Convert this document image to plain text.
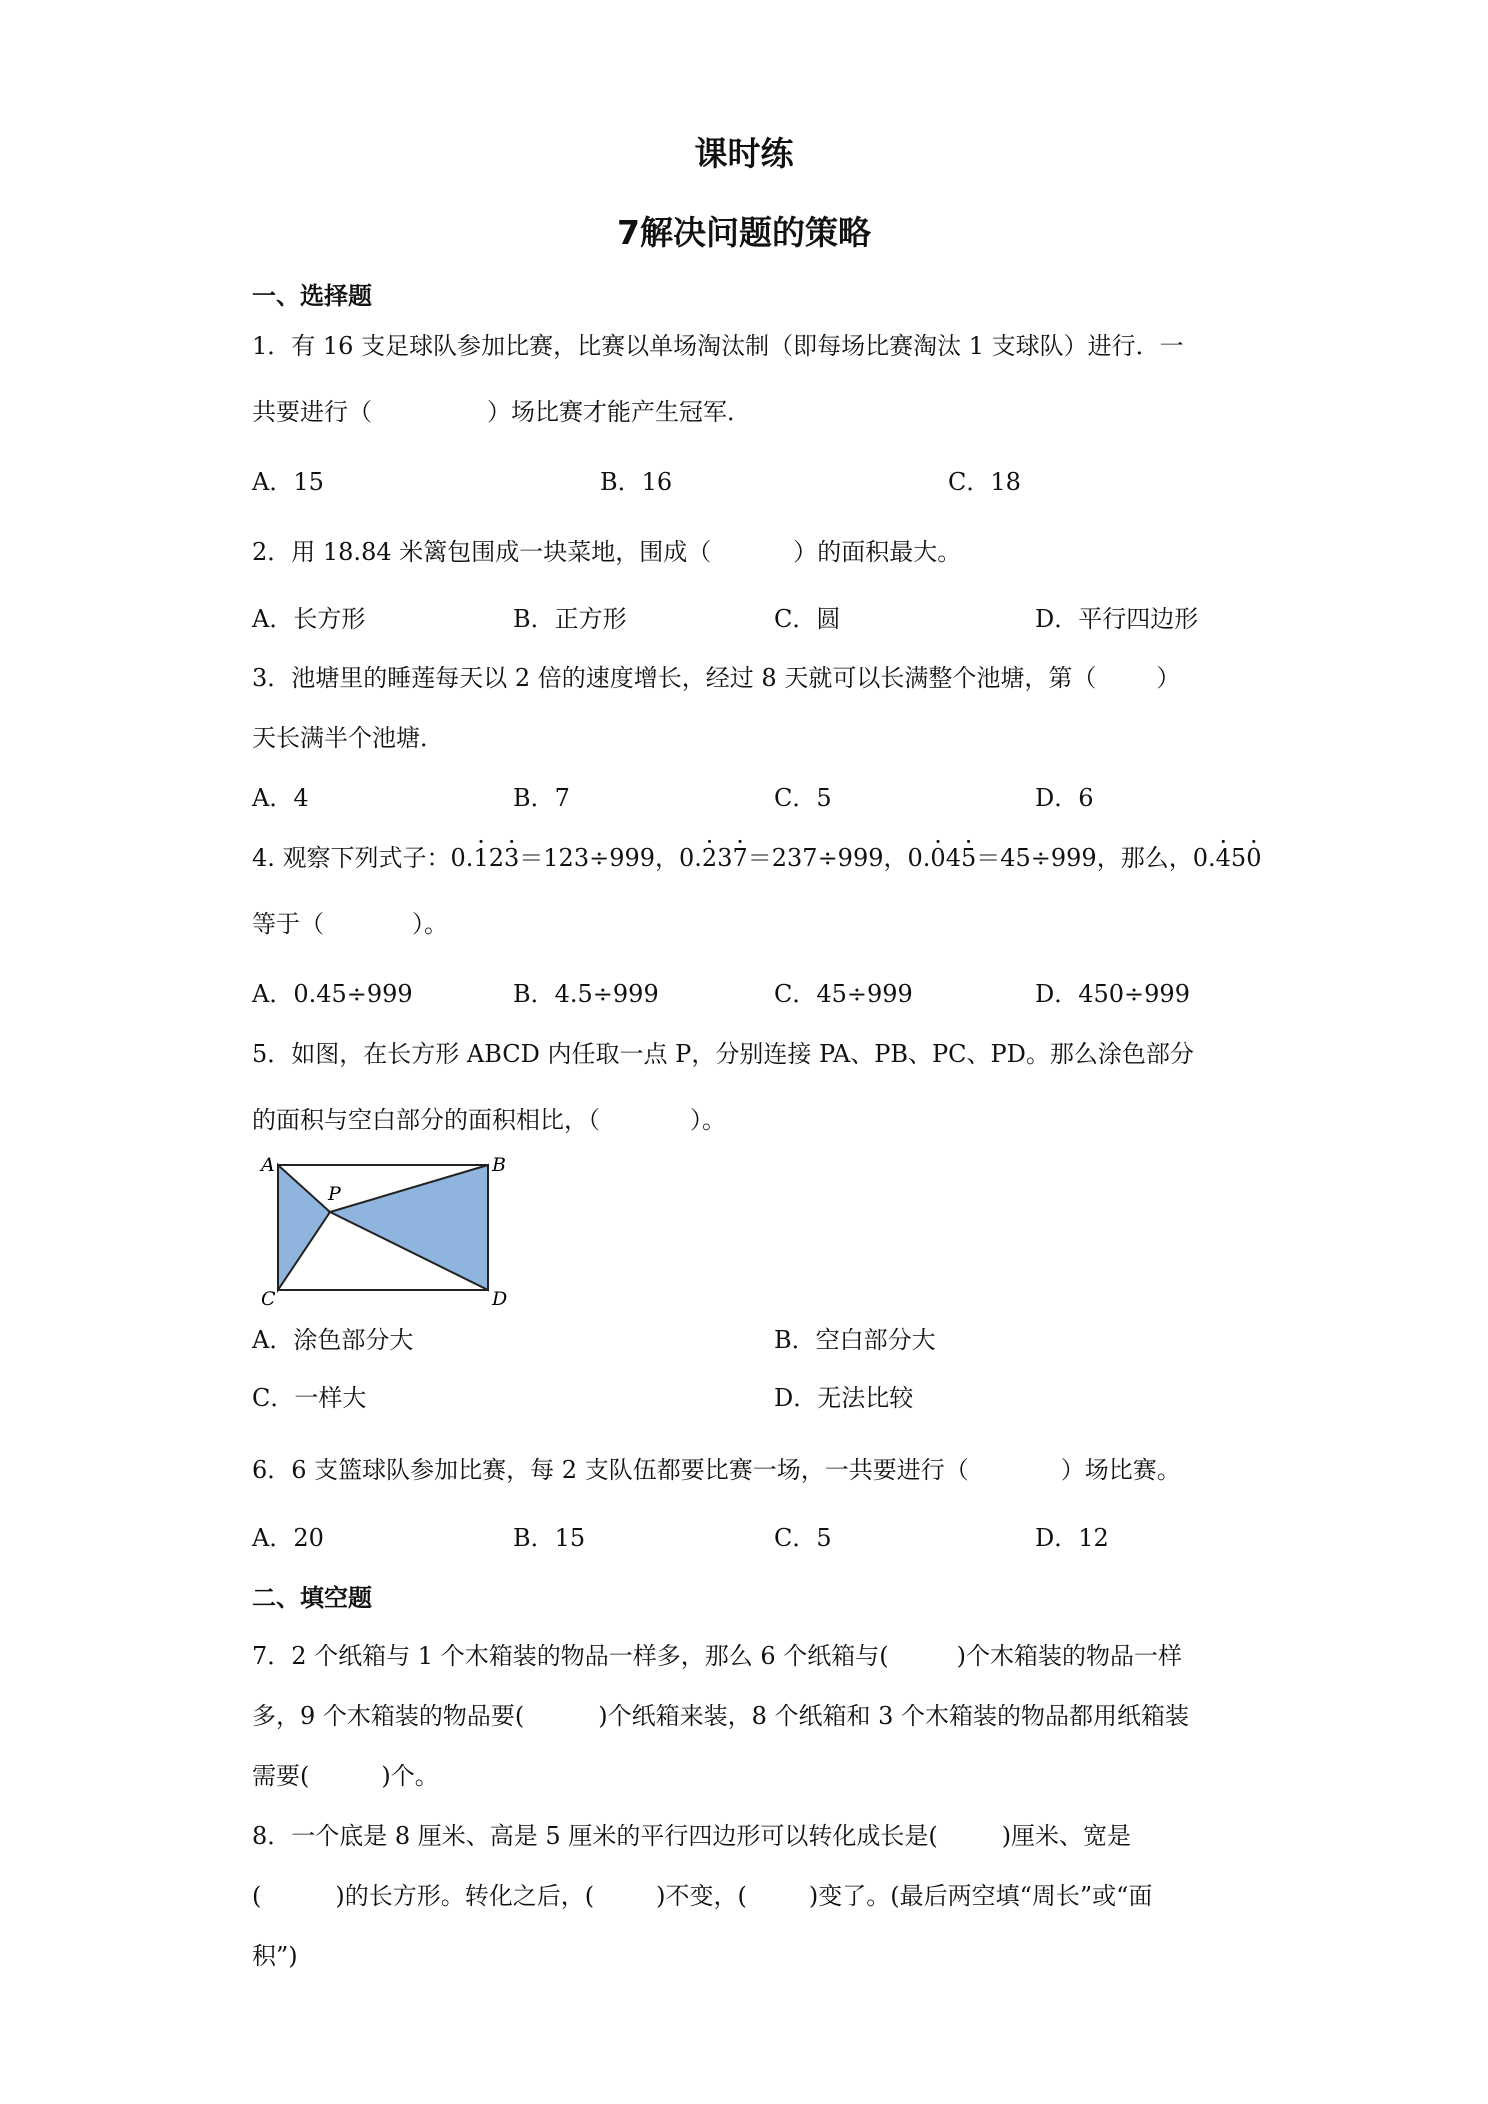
课时练
7解决问题的策略
一、选择题
1．有 16 支足球队参加比赛，比赛以单场淘汰制（即每场比赛淘汰 1 支球队）进行．一
共要进行（	）场比赛才能产生冠军．
A．15	B．16	C．18
2．用 18.84 米篱包围成一块菜地，围成（	）的面积最大。
A．长方形	B．正方形	C．圆	D．平行四边形
3．池塘里的睡莲每天以 2 倍的速度增长，经过 8 天就可以长满整个池塘，第（	）
天长满半个池塘．
A．4	B．7	C．5	D．6
4. 观察下列式子：0.· 12· 3＝123÷999，0.· 23· 7＝237÷999，0.· 04· 5＝45÷999，那么，0.· 45· 0
等于（	）。
A．0.45÷999	B．4.5÷999	C．45÷999	D．450÷999
5．如图，在长方形 ABCD 内任取一点 P，分别连接 PA、PB、PC、PD。那么涂色部分
的面积与空白部分的面积相比，（	）。
A	B
C	D
P
A．涂色部分大	B．空白部分大
C．一样大	D．无法比较
6．6 支篮球队参加比赛，每 2 支队伍都要比赛一场，一共要进行（	）场比赛。
A．20	B．15	C．5	D．12
二、填空题
7．2 个纸箱与 1 个木箱装的物品一样多，那么 6 个纸箱与(	)个木箱装的物品一样
多，9 个木箱装的物品要(	)个纸箱来装，8 个纸箱和 3 个木箱装的物品都用纸箱装
需要(	)个。
8．一个底是 8 厘米、高是 5 厘米的平行四边形可以转化成长是(	)厘米、宽是
(	)的长方形。转化之后，(	)不变，(	)变了。(最后两空填“周长”或“面
积”)
